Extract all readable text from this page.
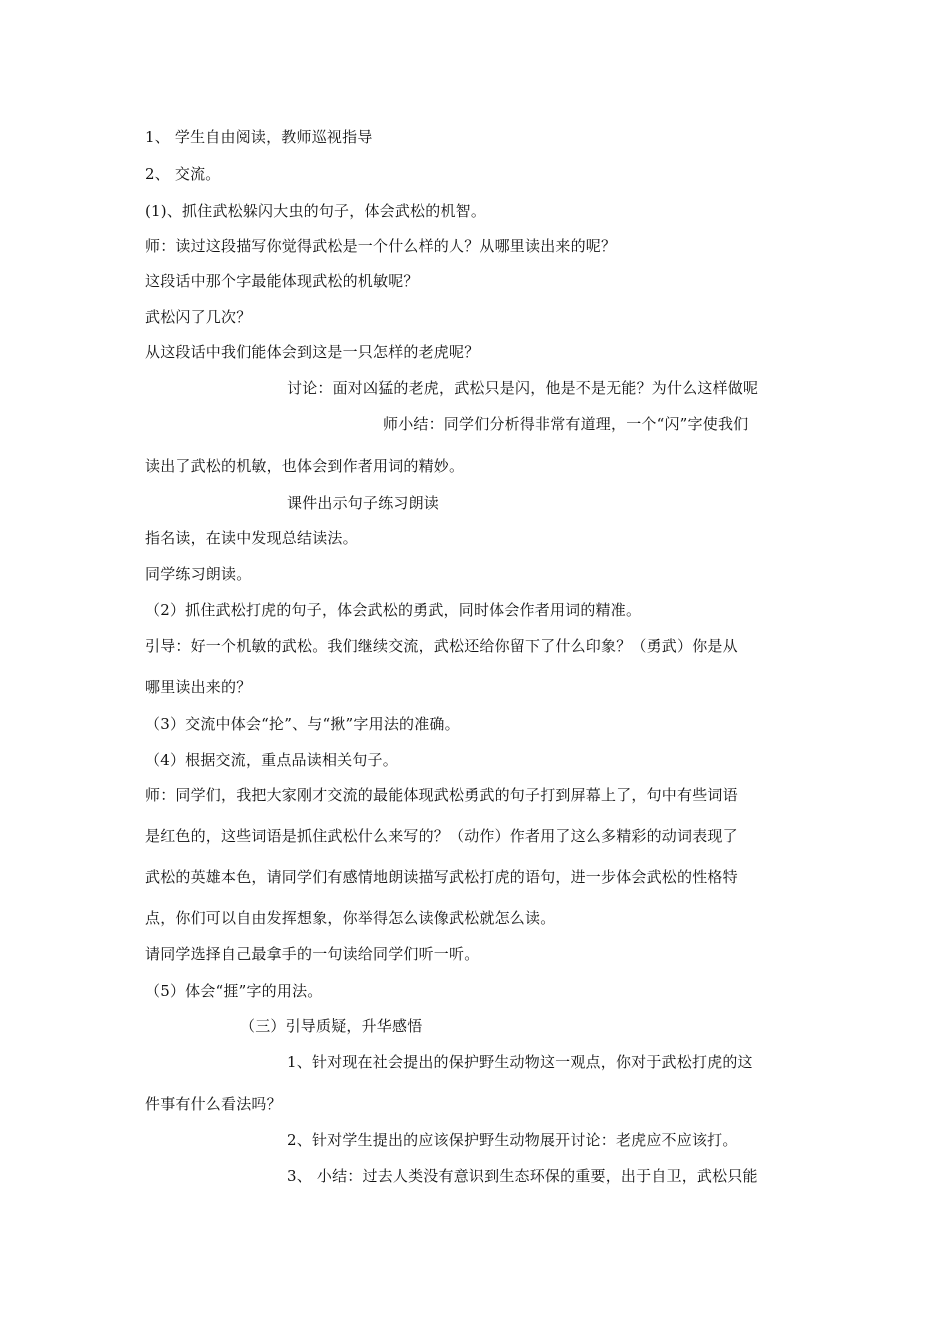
1、 学生自由阅读，教师巡视指导
2、 交流。
(1)、抓住武松躲闪大虫的句子，体会武松的机智。
师：读过这段描写你觉得武松是一个什么样的人？从哪里读出来的呢？
这段话中那个字最能体现武松的机敏呢？
武松闪了几次？
从这段话中我们能体会到这是一只怎样的老虎呢？
讨论：面对凶猛的老虎，武松只是闪，他是不是无能？为什么这样做呢
师小结：同学们分析得非常有道理，一个“闪”字使我们
读出了武松的机敏，也体会到作者用词的精妙。
课件出示句子练习朗读
指名读，在读中发现总结读法。
同学练习朗读。
（2）抓住武松打虎的句子，体会武松的勇武，同时体会作者用词的精准。
引导：好一个机敏的武松。我们继续交流，武松还给你留下了什么印象？（勇武）你是从
哪里读出来的？
（3）交流中体会“抡”、与“揪”字用法的准确。
（4）根据交流，重点品读相关句子。
师：同学们，我把大家刚才交流的最能体现武松勇武的句子打到屏幕上了，句中有些词语
是红色的，这些词语是抓住武松什么来写的？（动作）作者用了这么多精彩的动词表现了
武松的英雄本色，请同学们有感情地朗读描写武松打虎的语句，进一步体会武松的性格特
点，你们可以自由发挥想象，你举得怎么读像武松就怎么读。
请同学选择自己最拿手的一句读给同学们听一听。
（5）体会“捱”字的用法。
（三）引导质疑，升华感悟
1、针对现在社会提出的保护野生动物这一观点，你对于武松打虎的这
件事有什么看法吗？
2、针对学生提出的应该保护野生动物展开讨论：老虎应不应该打。
3、 小结：过去人类没有意识到生态环保的重要，出于自卫，武松只能
